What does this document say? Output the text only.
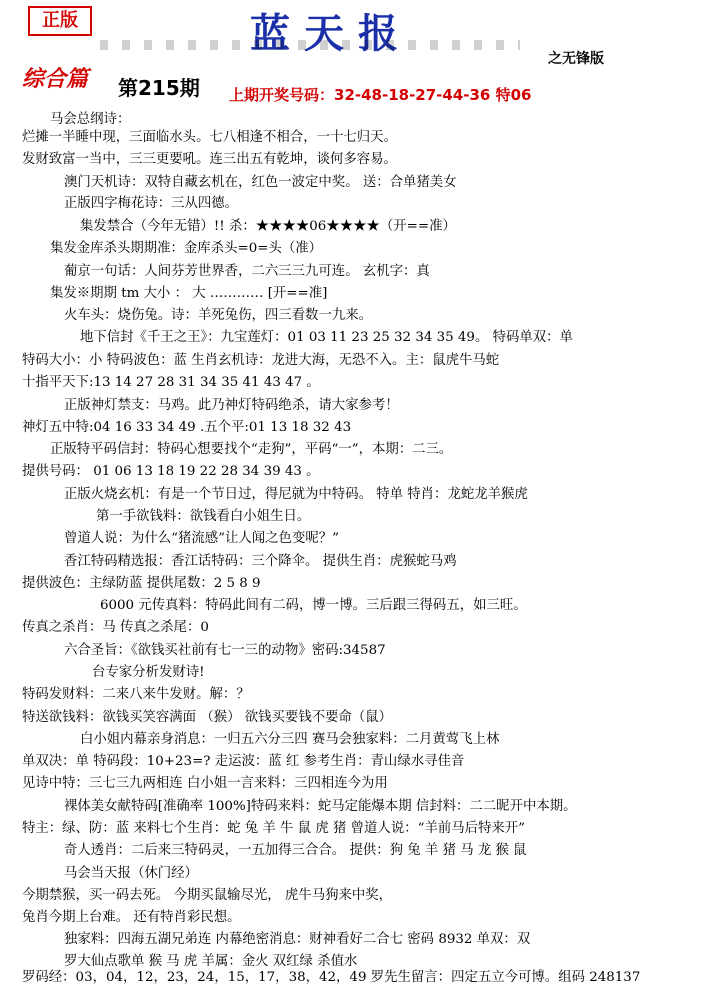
正版	蓝天报
之无锋版
综合篇 第215期 上期开奖号码：32-48-18-27-44-36 特06
马会总纲诗：
烂摊一半睡中现，三面临水头。七八相逢不相合，一十七归天。
发财致富一当中，三三更要吼。连三出五有乾坤，谈何多容易。
澳门天机诗：双特自藏玄机在，红色一波定中奖。 送：合单猪美女
正版四字梅花诗：三从四德。
集发禁合（今年无错）!! 杀：★★★★06★★★★（开==准）
集发金库杀头期期准：金库杀头=0=头（准）
葡京一句话：人间芬芳世界香，二六三三九可连。 玄机字：真
集发※期期 tm 大小 ： 大 ………… [开==准]
火车头：烧伤兔。诗：羊死兔伤，四三看数一九来。
地下信封《千王之王》：九宝莲灯：01 03 11 23 25 32 34 35 49。 特码单双：单
特码大小：小 特码波色：蓝 生肖玄机诗：龙进大海，无恐不入。主：鼠虎牛马蛇
十指平天下:13 14 27 28 31 34 35 41 43 47 。
正版神灯禁支：马鸡。此乃神灯特码绝杀，请大家参考！
神灯五中特:04 16 33 34 49 .五个平:01 13 18 32 43
正版特平码信封：特码心想要找个“走狗”，平码“一”，本期：二三。
提供号码： 01 06 13 18 19 22 28 34 39 43 。
正版火烧玄机：有是一个节日过，得尼就为中特码。 特单 特肖：龙蛇龙羊猴虎
第一手欲钱料：欲钱看白小姐生日。
曾道人说：为什么“猪流感”让人闻之色变呢？”
香江特码精选报：香江话特码：三个降伞。 提供生肖：虎猴蛇马鸡
提供波色：主绿防蓝 提供尾数：2 5 8 9
6000 元传真料：特码此间有二码，博一博。三后跟三得码五，如三旺。
传真之杀肖：马 传真之杀尾：0
六合圣旨：《欲钱买社前有七一三的动物》密码:34587
台专家分析发财诗!
特码发财料：二来八来牛发财。解：？
特送欲钱料：欲钱买笑容满面 （猴） 欲钱买要钱不要命（鼠）
白小姐内幕亲身消息：一归五六分三四 赛马会独家料：二月黄莺飞上林
单双决：单 特码段：10+23=? 走运波：蓝 红 参考生肖：青山绿水寻佳音
见诗中特：三七三九两相连 白小姐一言来料：三四相连今为用
裸体美女献特码[准确率 100%]特码来料：蛇马定能爆本期 信封料：二二昵开中本期。
特主：绿、防：蓝 来料七个生肖：蛇 兔 羊 牛 鼠 虎 猪 曾道人说：“羊前马后特来开”
奇人透肖：二后来三特码灵，一五加得三合合。 提供：狗 兔 羊 猪 马 龙 猴 鼠
马会当天报（休门经）
今期禁猴，买一码去死。 今期买鼠输尽光， 虎牛马狗来中奖，
兔肖今期上台难。 还有特肖彩民想。
独家料：四海五湖兄弟连 内幕绝密消息：财神看好二合七 密码 8932 单双：双
罗大仙点歌单 猴 马 虎 羊属：金火 双红绿 杀值水
罗码经：03，04，12，23，24，15，17，38，42，49 罗先生留言：四定五立今可博。组码 248137
